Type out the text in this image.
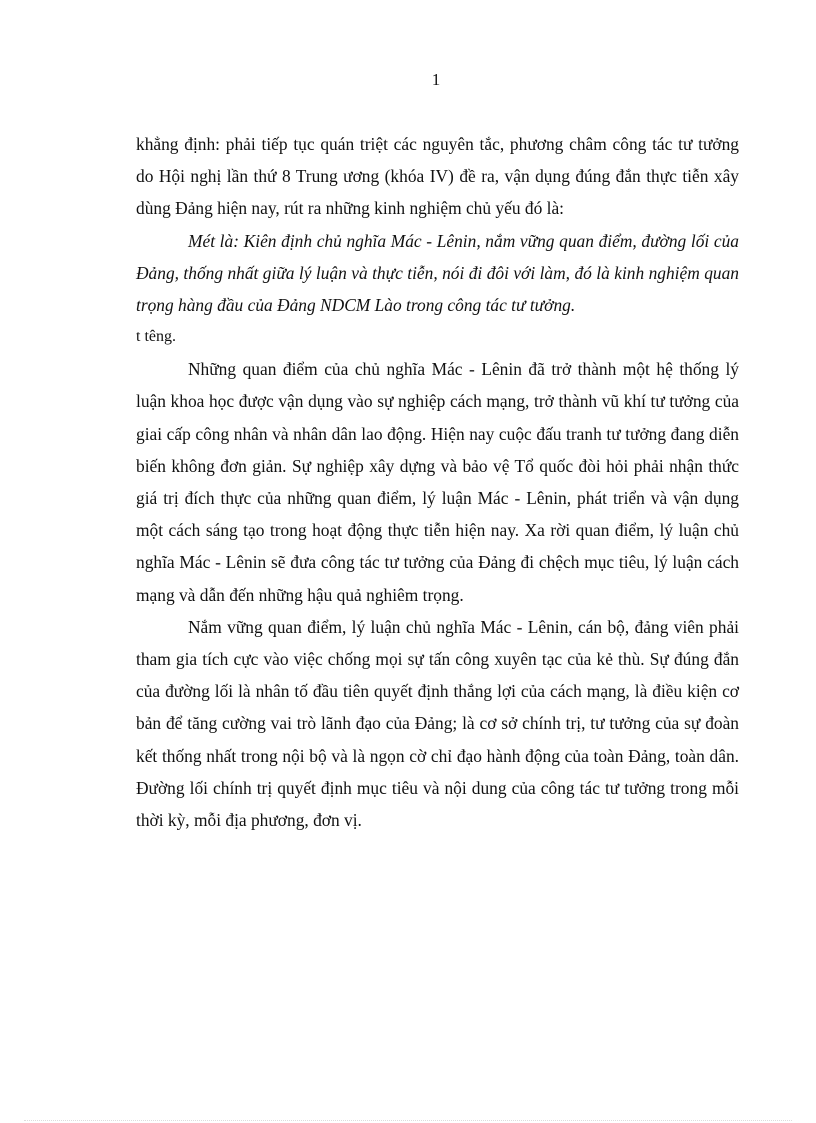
1

khẳng định: phải tiếp tục quán triệt các nguyên tắc, phương châm công tác tư tưởng do Hội nghị lần thứ 8 Trung ương (khóa IV) đề ra, vận dụng đúng đắn thực tiễn xây dùng Đảng hiện nay, rút ra những kinh nghiệm chủ yếu đó là:

Mét là: Kiên định chủ nghĩa Mác - Lênin, nắm vững quan điểm, đường lối của Đảng, thống nhất giữa lý luận và thực tiễn, nói đi đôi với làm, đó là kinh nghiệm quan trọng hàng đầu của Đảng NDCM Lào trong công tác tư tưởng.

t têng.

Những quan điểm của chủ nghĩa Mác - Lênin đã trở thành một hệ thống lý luận khoa học được vận dụng vào sự nghiệp cách mạng, trở thành vũ khí tư tưởng của giai cấp công nhân và nhân dân lao động. Hiện nay cuộc đấu tranh tư tưởng đang diễn biến không đơn giản. Sự nghiệp xây dựng và bảo vệ Tổ quốc đòi hỏi phải nhận thức giá trị đích thực của những quan điểm, lý luận Mác - Lênin, phát triển và vận dụng một cách sáng tạo trong hoạt động thực tiễn hiện nay. Xa rời quan điểm, lý luận chủ nghĩa Mác - Lênin sẽ đưa công tác tư tưởng của Đảng đi chệch mục tiêu, lý luận cách mạng và dẫn đến những hậu quả nghiêm trọng.

Nắm vững quan điểm, lý luận chủ nghĩa Mác - Lênin, cán bộ, đảng viên phải tham gia tích cực vào việc chống mọi sự tấn công xuyên tạc của kẻ thù. Sự đúng đắn của đường lối là nhân tố đầu tiên quyết định thắng lợi của cách mạng, là điều kiện cơ bản để tăng cường vai trò lãnh đạo của Đảng; là cơ sở chính trị, tư tưởng của sự đoàn kết thống nhất trong nội bộ và là ngọn cờ chỉ đạo hành động của toàn Đảng, toàn dân. Đường lối chính trị quyết định mục tiêu và nội dung của công tác tư tưởng trong mỗi thời kỳ, mỗi địa phương, đơn vị.
